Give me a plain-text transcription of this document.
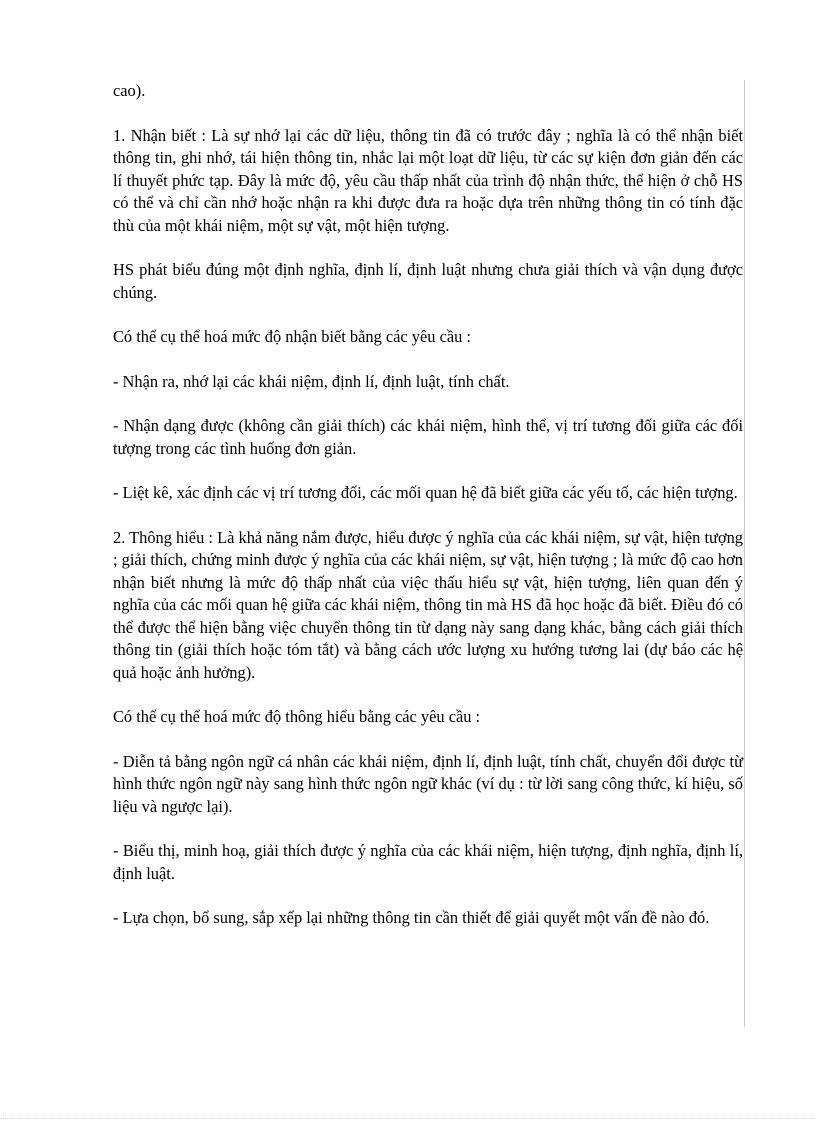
cao).

1. Nhận biết : Là sự nhớ lại các dữ liệu, thông tin đã có trước đây ; nghĩa là có thể nhận biết thông tin, ghi nhớ, tái hiện thông tin, nhắc lại một loạt dữ liệu, từ các sự kiện đơn giản đến các lí thuyết phức tạp. Đây là mức độ, yêu cầu thấp nhất của trình độ nhận thức, thể hiện ở chỗ HS có thể và chỉ cần nhớ hoặc nhận ra khi được đưa ra hoặc dựa trên những thông tin có tính đặc thù của một khái niệm, một sự vật, một hiện tượng.

HS phát biểu đúng một định nghĩa, định lí, định luật nhưng chưa giải thích và vận dụng được chúng.

Có thể cụ thể hoá mức độ nhận biết bằng các yêu cầu :

- Nhận ra, nhớ lại các khái niệm, định lí, định luật, tính chất.

- Nhận dạng được (không cần giải thích) các khái niệm, hình thể, vị trí tương đối giữa các đối tượng trong các tình huống đơn giản.

- Liệt kê, xác định các vị trí tương đối, các mối quan hệ đã biết giữa các yếu tố, các hiện tượng.

2. Thông hiểu : Là khả năng nắm được, hiểu được ý nghĩa của các khái niệm, sự vật, hiện tượng ; giải thích, chứng minh được ý nghĩa của các khái niệm, sự vật, hiện tượng ; là mức độ cao hơn nhận biết nhưng là mức độ thấp nhất của việc thấu hiểu sự vật, hiện tượng, liên quan đến ý nghĩa của các mối quan hệ giữa các khái niệm, thông tin mà HS đã học hoặc đã biết. Điều đó có thể được thể hiện bằng việc chuyển thông tin từ dạng này sang dạng khác, bằng cách giải thích thông tin (giải thích hoặc tóm tắt) và bằng cách ước lượng xu hướng tương lai (dự báo các hệ quả hoặc ảnh hưởng).

Có thể cụ thể hoá mức độ thông hiểu bằng các yêu cầu :

- Diễn tả bằng ngôn ngữ cá nhân các khái niệm, định lí, định luật, tính chất, chuyển đổi được từ hình thức ngôn ngữ này sang hình thức ngôn ngữ khác (ví dụ : từ lời sang công thức, kí hiệu, số liệu và ngược lại).

- Biểu thị, minh hoạ, giải thích được ý nghĩa của các khái niệm, hiện tượng, định nghĩa, định lí, định luật.

- Lựa chọn, bổ sung, sắp xếp lại những thông tin cần thiết để giải quyết một vấn đề nào đó.
